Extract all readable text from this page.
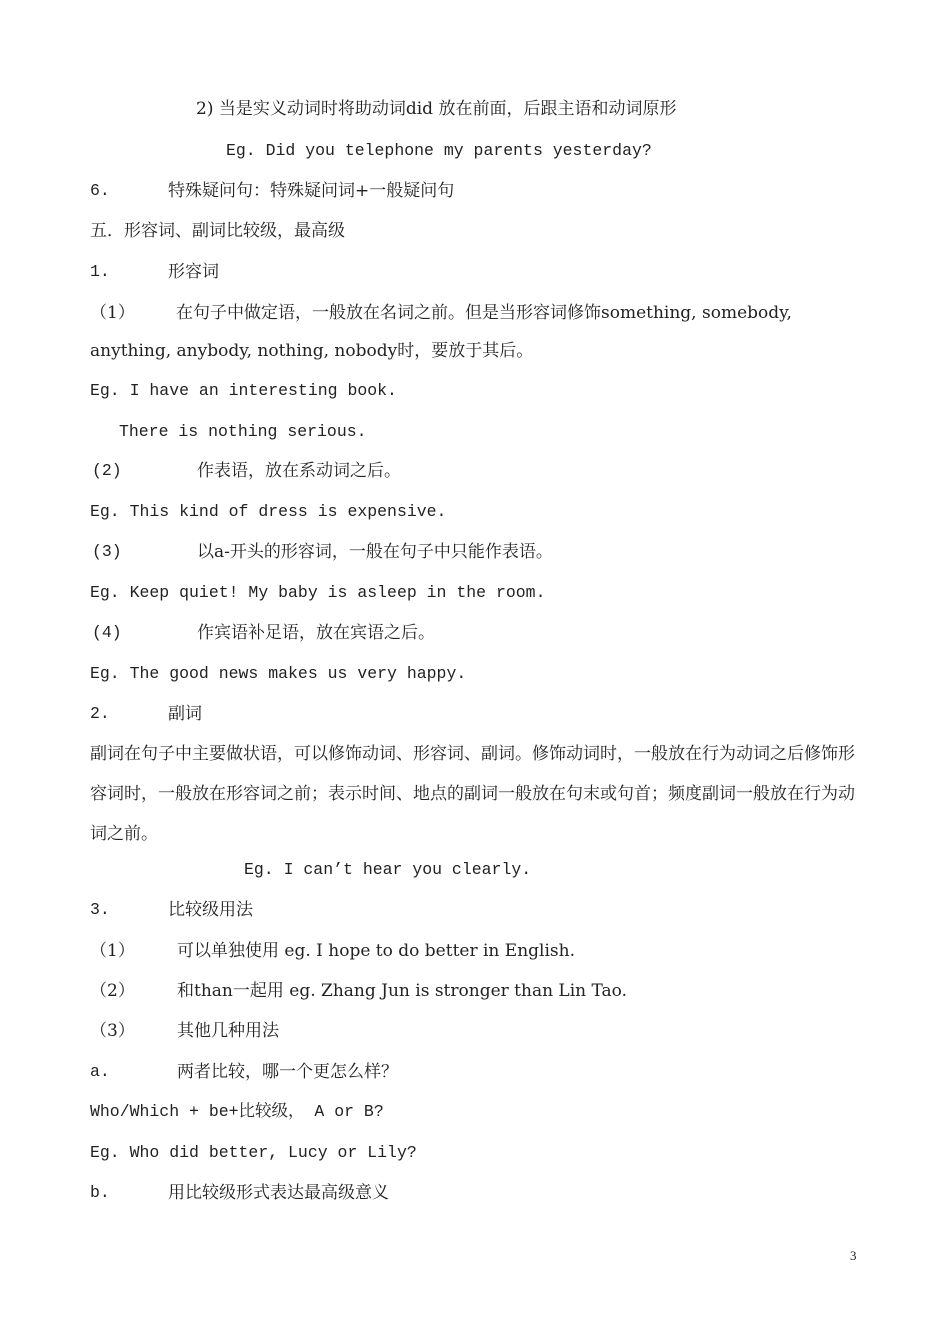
2) 当是实义动词时将助动词did 放在前面，后跟主语和动词原形
Eg. Did you telephone my parents yesterday?
6.	特殊疑问句：特殊疑问词+一般疑问句
五．形容词、副词比较级，最高级
1.	形容词
（1） 在句子中做定语，一般放在名词之前。但是当形容词修饰something, somebody,
anything, anybody, nothing, nobody时，要放于其后。
Eg. I have an interesting book.
There is nothing serious.
(2)	作表语，放在系动词之后。
Eg. This kind of dress is expensive.
(3)	以a-开头的形容词，一般在句子中只能作表语。
Eg. Keep quiet! My baby is asleep in the room.
(4)	作宾语补足语，放在宾语之后。
Eg. The good news makes us very happy.
2.	副词
副词在句子中主要做状语，可以修饰动词、形容词、副词。修饰动词时，一般放在行为动词之后修饰形容词时，一般放在形容词之前；表示时间、地点的副词一般放在句末或句首；频度副词一般放在行为动词之前。
Eg. I can’t hear you clearly.
3.	比较级用法
（1） 可以单独使用 eg. I hope to do better in English.
（2） 和than一起用 eg. Zhang Jun is stronger than Lin Tao.
（3） 其他几种用法
a.	两者比较，哪一个更怎么样？
Who/Which + be+比较级， A or B?
Eg. Who did better, Lucy or Lily?
b.	用比较级形式表达最高级意义
3
